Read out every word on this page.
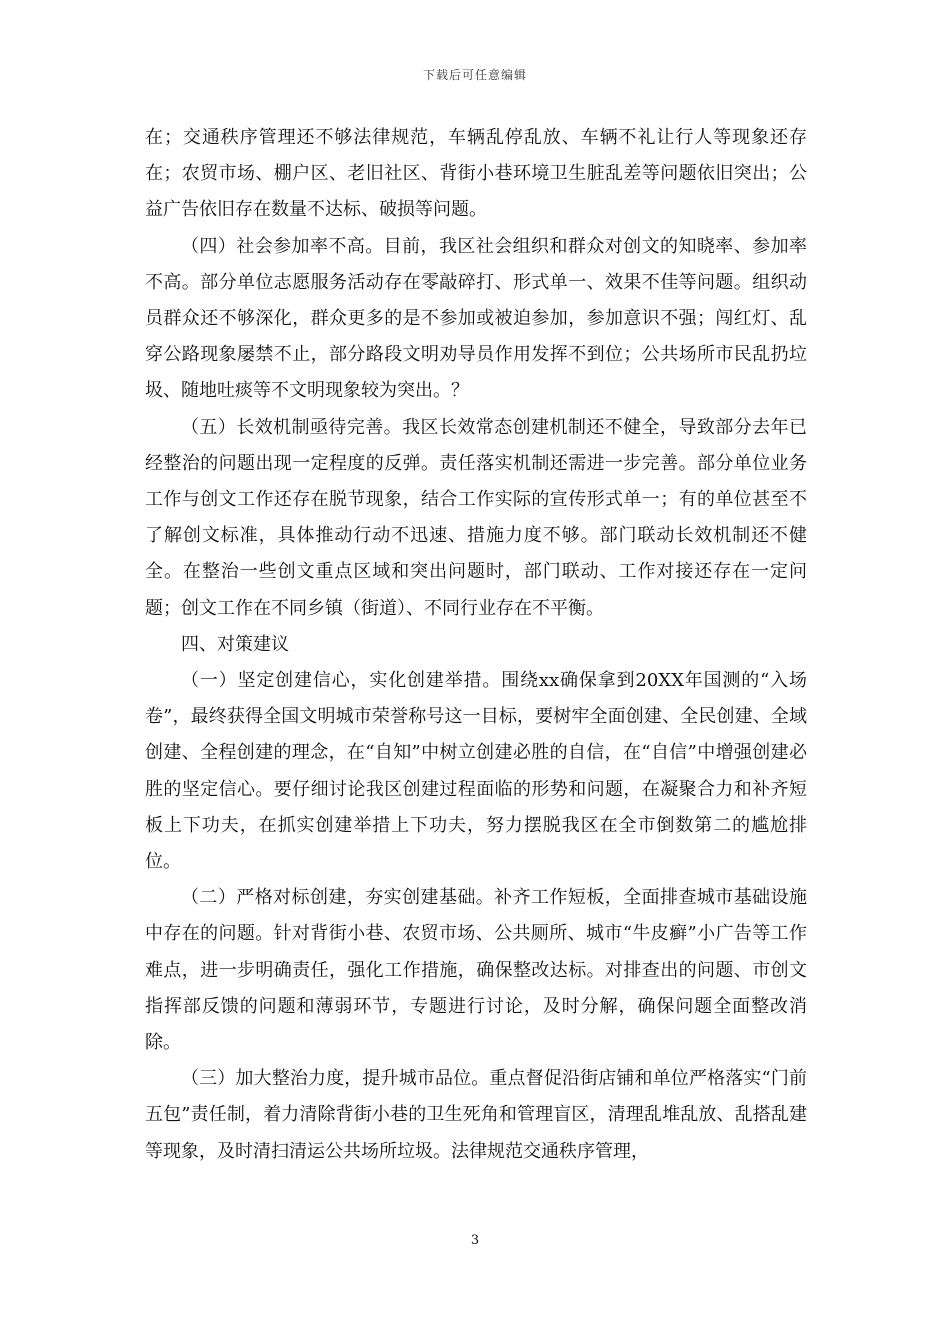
下载后可任意编辑

在；交通秩序管理还不够法律规范，车辆乱停乱放、车辆不礼让行人等现象还存在；农贸市场、棚户区、老旧社区、背街小巷环境卫生脏乱差等问题依旧突出；公益广告依旧存在数量不达标、破损等问题。

（四）社会参加率不高。目前，我区社会组织和群众对创文的知晓率、参加率不高。部分单位志愿服务活动存在零敲碎打、形式单一、效果不佳等问题。组织动员群众还不够深化，群众更多的是不参加或被迫参加，参加意识不强；闯红灯、乱穿公路现象屡禁不止，部分路段文明劝导员作用发挥不到位；公共场所市民乱扔垃圾、随地吐痰等不文明现象较为突出。？

（五）长效机制亟待完善。我区长效常态创建机制还不健全，导致部分去年已经整治的问题出现一定程度的反弹。责任落实机制还需进一步完善。部分单位业务工作与创文工作还存在脱节现象，结合工作实际的宣传形式单一；有的单位甚至不了解创文标准，具体推动行动不迅速、措施力度不够。部门联动长效机制还不健全。在整治一些创文重点区域和突出问题时，部门联动、工作对接还存在一定问题；创文工作在不同乡镇（街道）、不同行业存在不平衡。

四、对策建议

（一）坚定创建信心，实化创建举措。围绕xx确保拿到20XX年国测的“入场卷”，最终获得全国文明城市荣誉称号这一目标，要树牢全面创建、全民创建、全域创建、全程创建的理念，在“自知”中树立创建必胜的自信，在“自信”中增强创建必胜的坚定信心。要仔细讨论我区创建过程面临的形势和问题，在凝聚合力和补齐短板上下功夫，在抓实创建举措上下功夫，努力摆脱我区在全市倒数第二的尴尬排位。

（二）严格对标创建，夯实创建基础。补齐工作短板，全面排查城市基础设施中存在的问题。针对背街小巷、农贸市场、公共厕所、城市“牛皮癣”小广告等工作难点，进一步明确责任，强化工作措施，确保整改达标。对排查出的问题、市创文指挥部反馈的问题和薄弱环节，专题进行讨论，及时分解，确保问题全面整改消除。

（三）加大整治力度，提升城市品位。重点督促沿街店铺和单位严格落实“门前五包”责任制，着力清除背街小巷的卫生死角和管理盲区，清理乱堆乱放、乱搭乱建等现象，及时清扫清运公共场所垃圾。法律规范交通秩序管理，

3
